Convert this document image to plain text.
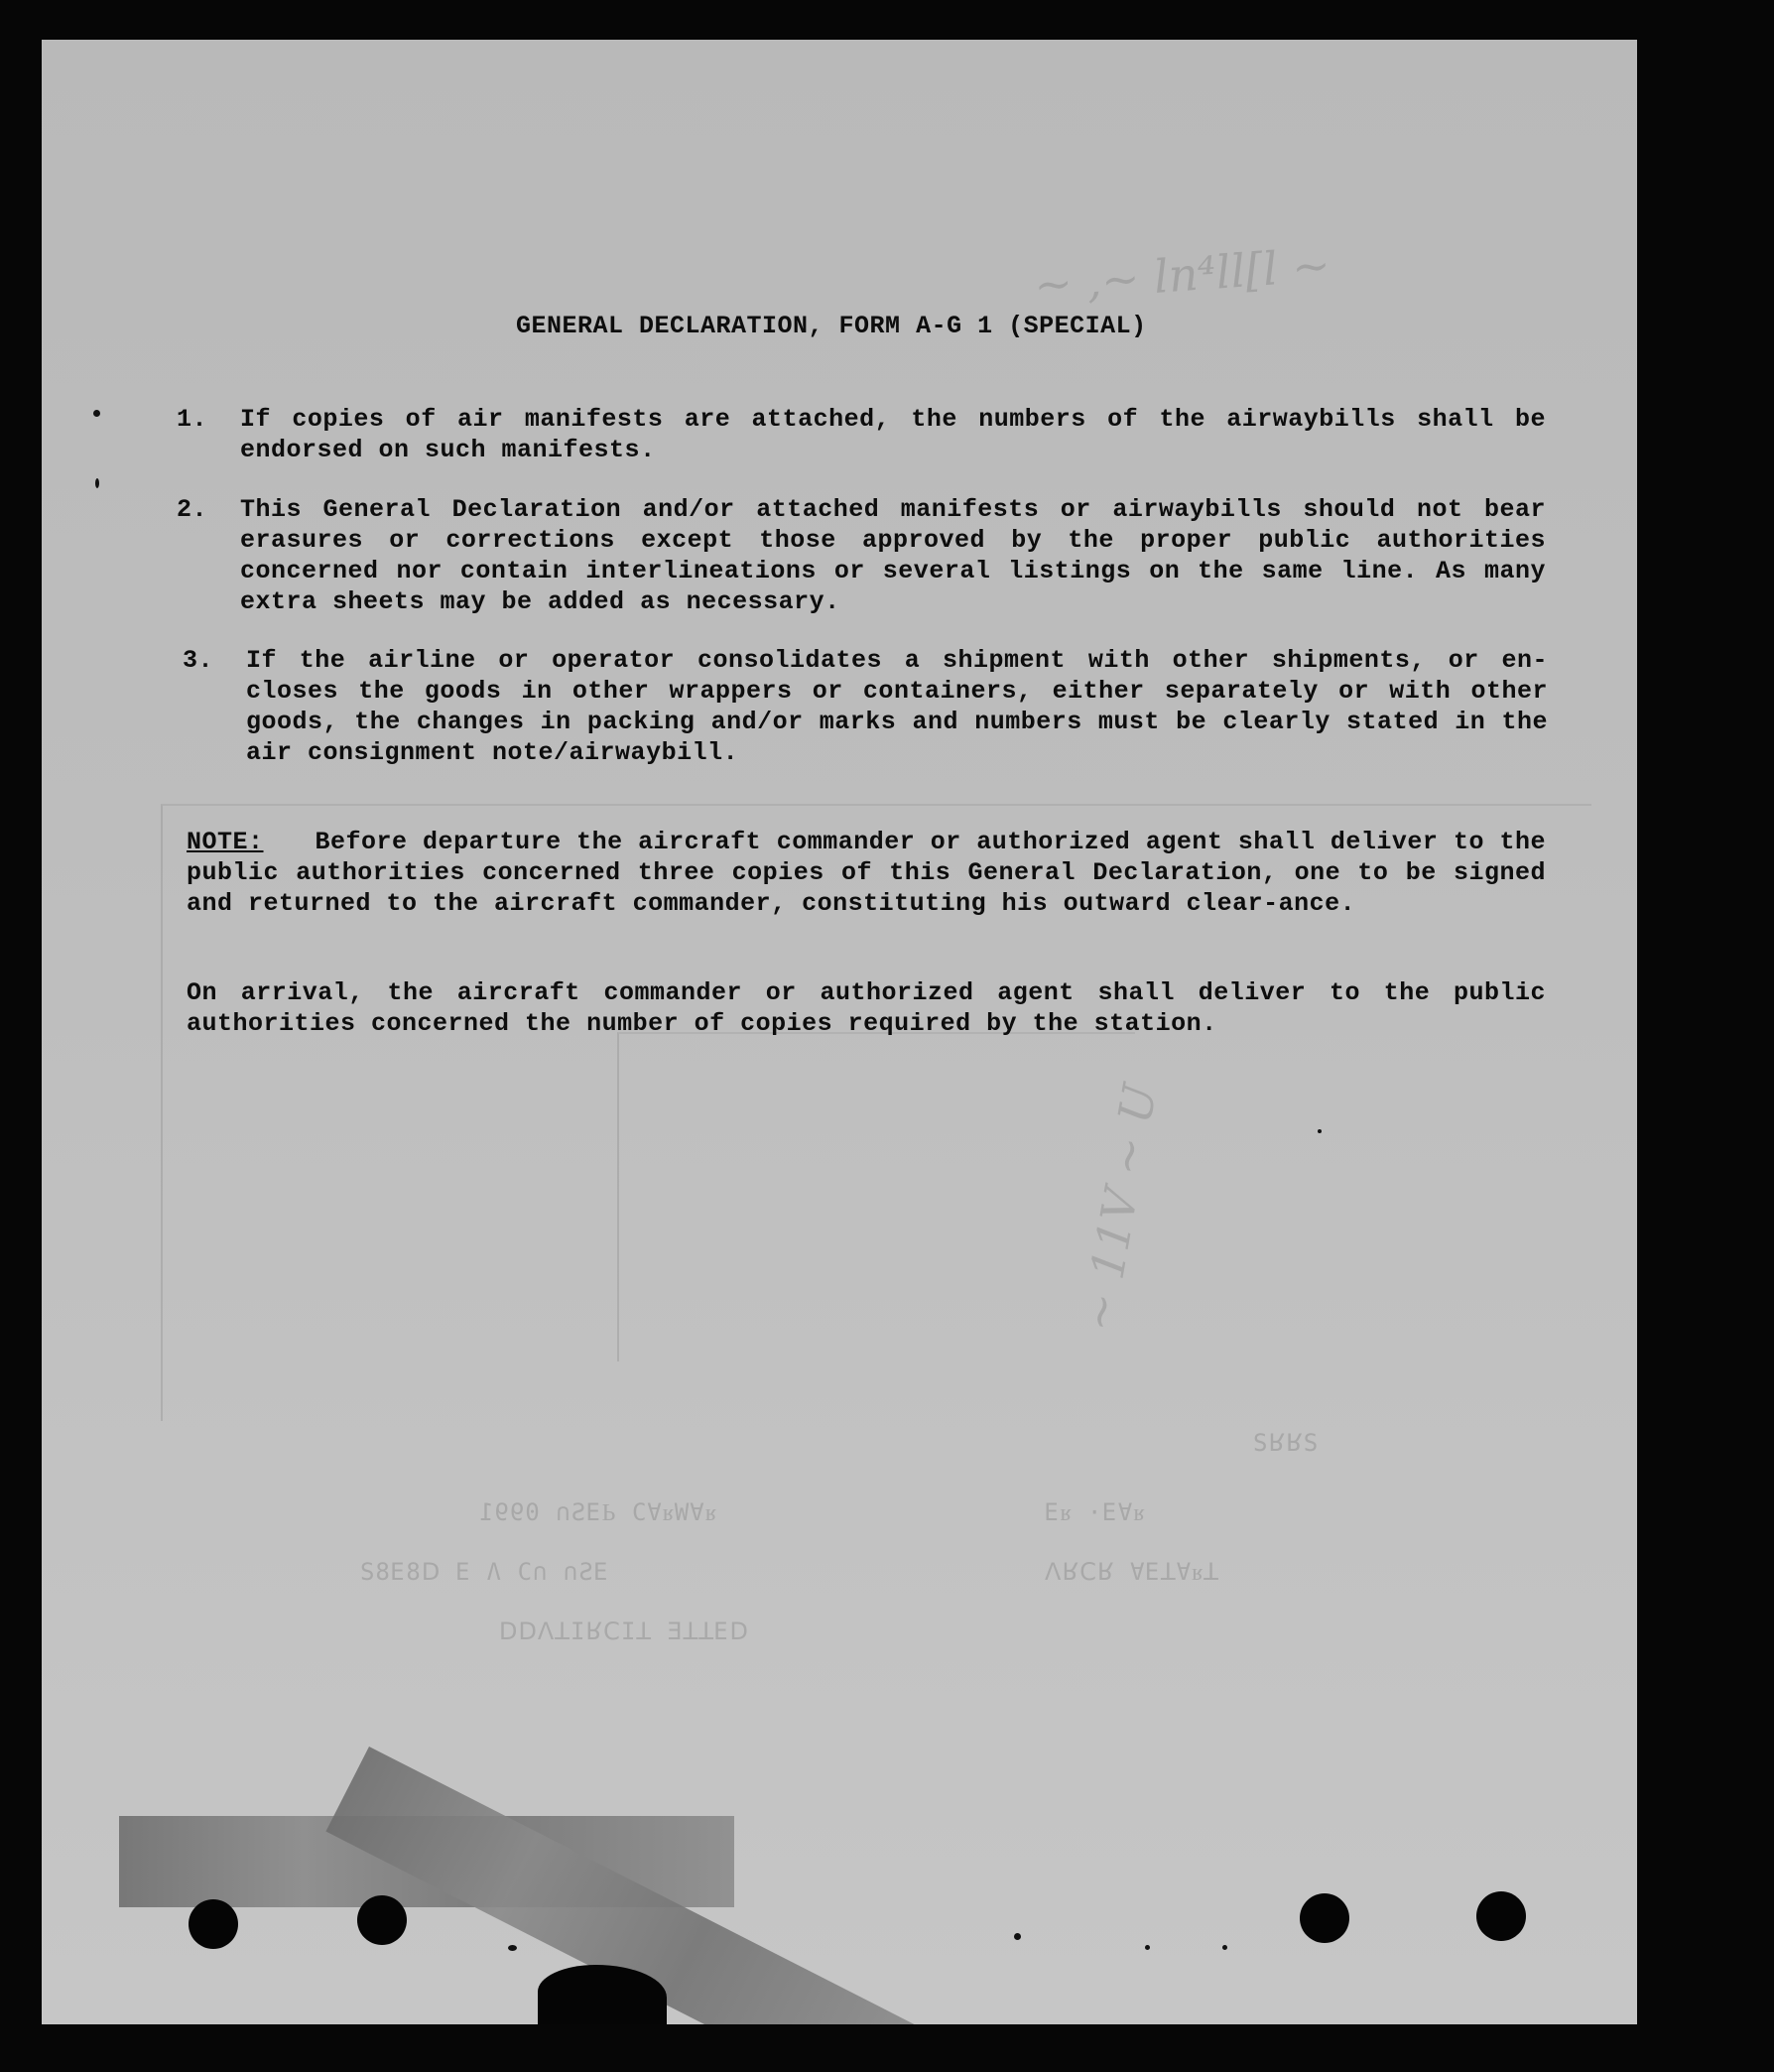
ᴚ∀Wᴚ∀Ɔ ԀƎS∩ 0991	ᴚ∀Ǝ· ᴚƎ
ƎS∩ ∩Ɔ Ʌ Ǝ ꓷ8Ǝ8Ƨ	ꓕᴚ∀ꓕƎ∀ ꓤꓛꓤꓥ
ꓷƎꓕꓕꓰ ꓕIꓛꓤIꓕꓥꓷꓷ
ƧꓤꓤƧ
~ ,~ ln⁴ll[l ~
~ 11V ~ U
GENERAL DECLARATION, FORM A-G 1 (SPECIAL)
1.	If copies of air manifests are attached, the numbers of the airwaybills shall be endorsed on such manifests.
2.	This General Declaration and/or attached manifests or airwaybills should not bear erasures or corrections except those approved by the proper public authorities concerned nor contain interlineations or several listings on the same line. As many extra sheets may be added as necessary.
3.	If the airline or operator consolidates a shipment with other shipments, or en-closes the goods in other wrappers or containers, either separately or with other goods, the changes in packing and/or marks and numbers must be clearly stated in the air consignment note/airwaybill.
NOTE: Before departure the aircraft commander or authorized agent shall deliver to the public authorities concerned three copies of this General Declaration, one to be signed and returned to the aircraft commander, constituting his outward clear-ance.
On arrival, the aircraft commander or authorized agent shall deliver to the public authorities concerned the number of copies required by the station.
